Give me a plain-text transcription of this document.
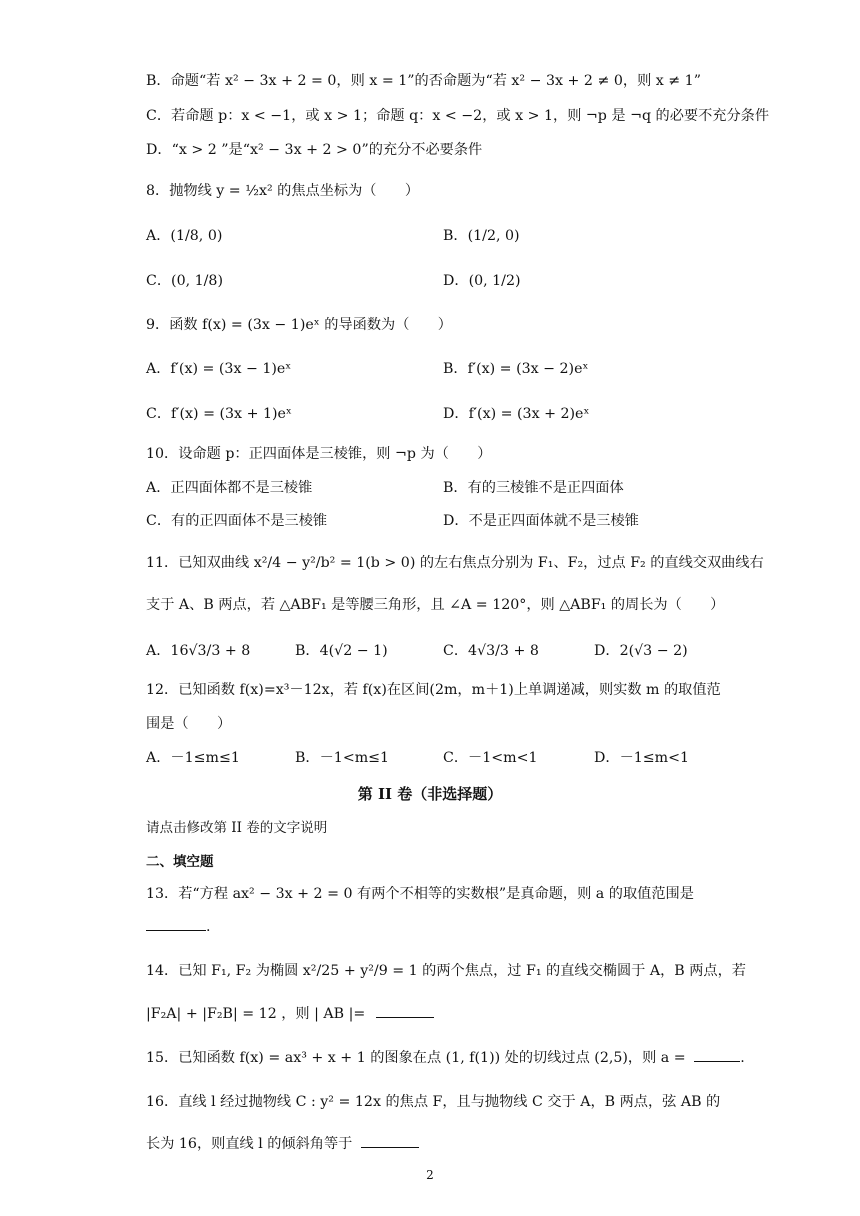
B．命题“若 x² − 3x + 2 = 0，则 x = 1”的否命题为“若 x² − 3x + 2 ≠ 0，则 x ≠ 1”
C．若命题 p：x < −1，或 x > 1；命题 q：x < −2，或 x > 1，则 ¬p 是 ¬q 的必要不充分条件
D．“x > 2 ”是“x² − 3x + 2 > 0”的充分不必要条件
8．抛物线 y = ½x² 的焦点坐标为（　　）
A．(1/8, 0)	B．(1/2, 0)
C．(0, 1/8)	D．(0, 1/2)
9．函数 f(x) = (3x − 1)eˣ 的导函数为（　　）
A．f′(x) = (3x − 1)eˣ	B．f′(x) = (3x − 2)eˣ
C．f′(x) = (3x + 1)eˣ	D．f′(x) = (3x + 2)eˣ
10．设命题 p：正四面体是三棱锥，则 ¬p 为（　　）
A．正四面体都不是三棱锥	B．有的三棱锥不是正四面体
C．有的正四面体不是三棱锥	D．不是正四面体就不是三棱锥
11．已知双曲线 x²/4 − y²/b² = 1(b > 0) 的左右焦点分别为 F₁、F₂，过点 F₂ 的直线交双曲线右
支于 A、B 两点，若 △ABF₁ 是等腰三角形，且 ∠A = 120°，则 △ABF₁ 的周长为（　　）
A．16√3/3 + 8	B．4(√2 − 1)	C．4√3/3 + 8	D．2(√3 − 2)
12．已知函数 f(x)=x³－12x，若 f(x)在区间(2m，m＋1)上单调递减，则实数 m 的取值范
围是（　　）
A．－1≤m≤1	B．－1<m≤1	C．－1<m<1	D．－1≤m<1
第 II 卷（非选择题）
请点击修改第 II 卷的文字说明
二、填空题
13．若“方程 ax² − 3x + 2 = 0 有两个不相等的实数根”是真命题，则 a 的取值范围是
.
14．已知 F₁, F₂ 为椭圆 x²/25 + y²/9 = 1 的两个焦点，过 F₁ 的直线交椭圆于 A，B 两点，若
|F₂A| + |F₂B| = 12 ，则 | AB |=
15．已知函数 f(x) = ax³ + x + 1 的图象在点 (1, f(1)) 处的切线过点 (2,5)，则 a =	.
16．直线 l 经过抛物线 C : y² = 12x 的焦点 F，且与抛物线 C 交于 A，B 两点，弦 AB 的
长为 16，则直线 l 的倾斜角等于
2
